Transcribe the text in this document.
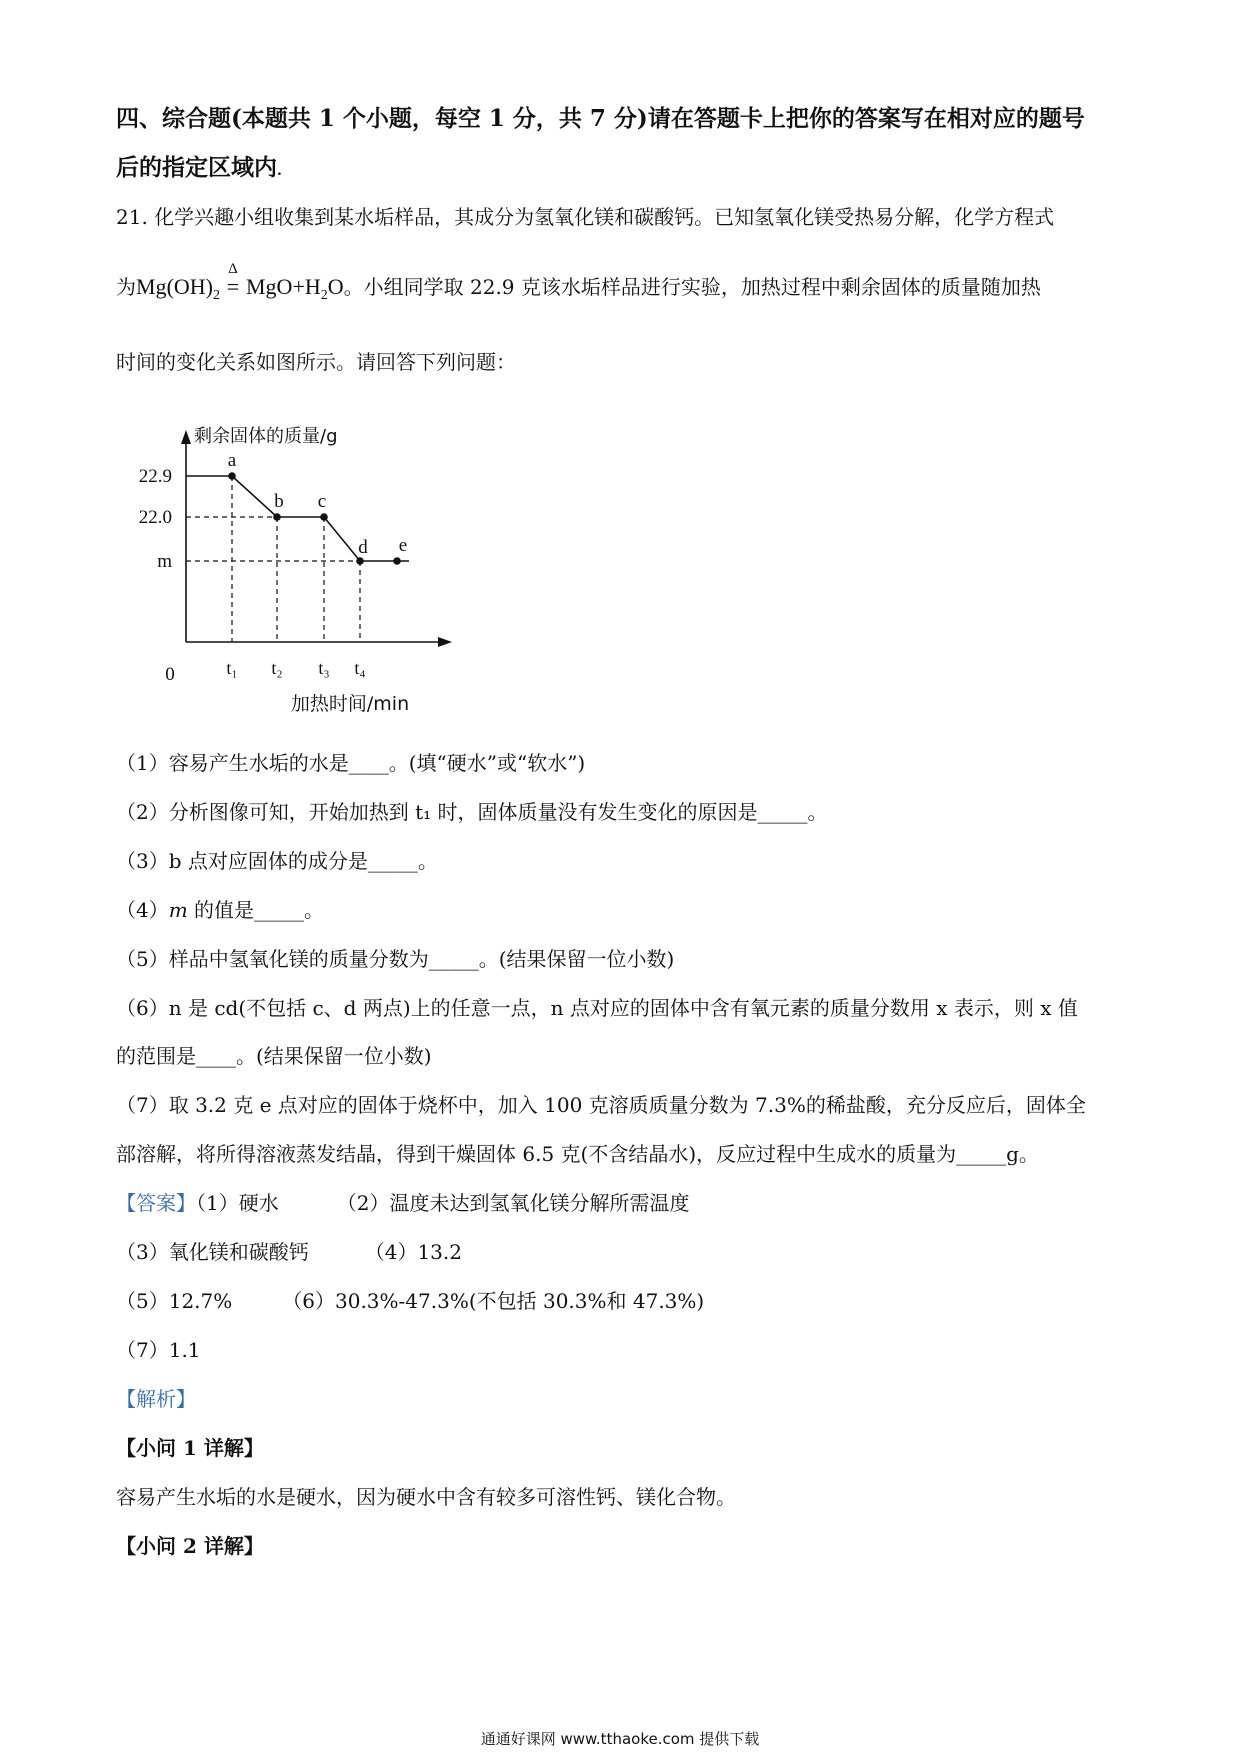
四、综合题(本题共 1 个小题，每空 1 分，共 7 分)请在答题卡上把你的答案写在相对应的题号
后的指定区域内.
21. 化学兴趣小组收集到某水垢样品，其成分为氢氧化镁和碳酸钙。已知氢氧化镁受热易分解，化学方程式
为$Mg(OH)_2$
Δ
= $MgO+H_2O$。小组同学取 22.9 克该水垢样品进行实验，加热过程中剩余固体的质量随加热
时间的变化关系如图所示。请回答下列问题：
22.9
22.0
m
t₁ t₂ t₃ t₄
0
a
b c
d e
剩余固体的质量/g
加热时间/min
（1）容易产生水垢的水是____。(填“硬水”或“软水”)
（2）分析图像可知，开始加热到 t₁ 时，固体质量没有发生变化的原因是_____。
（3）b 点对应固体的成分是_____。
（4）m 的值是_____。
（5）样品中氢氧化镁的质量分数为_____。(结果保留一位小数)
（6）n 是 cd(不包括 c、d 两点)上的任意一点，n 点对应的固体中含有氧元素的质量分数用 x 表示，则 x 值
的范围是____。(结果保留一位小数)
（7）取 3.2 克 e 点对应的固体于烧杯中，加入 100 克溶质质量分数为 7.3%的稀盐酸，充分反应后，固体全
部溶解，将所得溶液蒸发结晶，得到干燥固体 6.5 克(不含结晶水)，反应过程中生成水的质量为_____g。
【答案】（1）硬水	（2）温度未达到氢氧化镁分解所需温度
（3）氧化镁和碳酸钙	（4）13.2
（5）12.7%	（6）30.3%-47.3%(不包括 30.3%和 47.3%)
（7）1.1
【解析】
【小问 1 详解】
容易产生水垢的水是硬水，因为硬水中含有较多可溶性钙、镁化合物。
【小问 2 详解】
通通好课网 www.tthaoke.com 提供下载
